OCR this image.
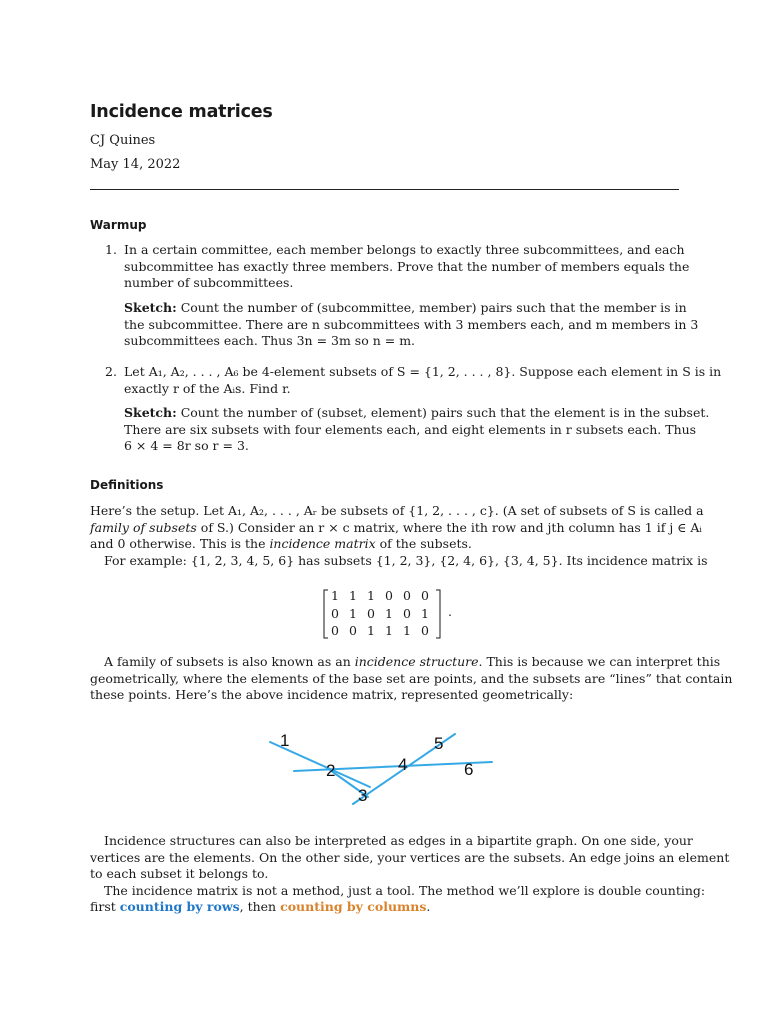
Incidence matrices
CJ Quines
May 14, 2022
Warmup
1. In a certain committee, each member belongs to exactly three subcommittees, and each
subcommittee has exactly three members. Prove that the number of members equals the
number of subcommittees.
Sketch: Count the number of (subcommittee, member) pairs such that the member is in
the subcommittee. There are n subcommittees with 3 members each, and m members in 3
subcommittees each. Thus 3n = 3m so n = m.
2. Let A₁, A₂, . . . , A₆ be 4-element subsets of S = {1, 2, . . . , 8}. Suppose each element in S is in
exactly r of the Aᵢs. Find r.
Sketch: Count the number of (subset, element) pairs such that the element is in the subset.
There are six subsets with four elements each, and eight elements in r subsets each. Thus
6 × 4 = 8r so r = 3.
Definitions
Here’s the setup. Let A₁, A₂, . . . , Aᵣ be subsets of {1, 2, . . . , c}. (A set of subsets of S is called a
family of subsets of S.) Consider an r × c matrix, where the ith row and jth column has 1 if j ∈ Aᵢ
and 0 otherwise. This is the incidence matrix of the subsets.
For example: {1, 2, 3, 4, 5, 6} has subsets {1, 2, 3}, {2, 4, 6}, {3, 4, 5}. Its incidence matrix is
1 1 1 0 0 0
0 1 0 1 0 1
0 0 1 1 1 0
.
A family of subsets is also known as an incidence structure. This is because we can interpret this
geometrically, where the elements of the base set are points, and the subsets are “lines” that contain
these points. Here’s the above incidence matrix, represented geometrically:
1
2
3
4
5
6
Incidence structures can also be interpreted as edges in a bipartite graph. On one side, your
vertices are the elements. On the other side, your vertices are the subsets. An edge joins an element
to each subset it belongs to.
The incidence matrix is not a method, just a tool. The method we’ll explore is double counting:
first counting by rows, then counting by columns.
